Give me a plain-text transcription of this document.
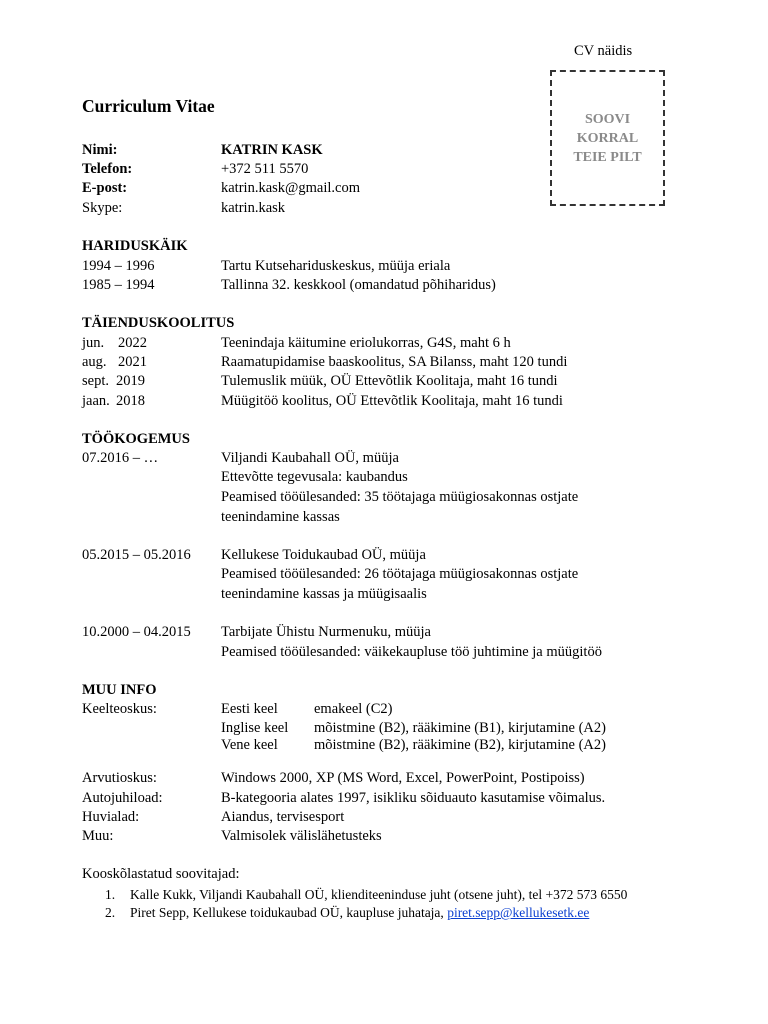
CV näidis
SOOVI
KORRAL
TEIE PILT
Curriculum Vitae
Nimi:	KATRIN KASK
Telefon:	+372 511 5570
E-post:	katrin.kask@gmail.com
Skype:	katrin.kask
HARIDUSKÄIK
1994 – 1996	Tartu Kutsehariduskeskus, müüja eriala
1985 – 1994	Tallinna 32. keskkool (omandatud põhiharidus)
TÄIENDUSKOOLITUS
jun. 2022	Teenindaja käitumine eriolukorras, G4S, maht 6 h
aug. 2021	Raamatupidamise baaskoolitus, SA Bilanss, maht 120 tundi
sept. 2019	Tulemuslik müük, OÜ Ettevõtlik Koolitaja, maht 16 tundi
jaan. 2018	Müügitöö koolitus, OÜ Ettevõtlik Koolitaja, maht 16 tundi
TÖÖKOGEMUS
07.2016 – …	Viljandi Kaubahall OÜ, müüja
Ettevõtte tegevusala: kaubandus
Peamised tööülesanded: 35 töötajaga müügiosakonnas ostjate
teenindamine kassas
05.2015 – 05.2016 Kellukese Toidukaubad OÜ, müüja
Peamised tööülesanded: 26 töötajaga müügiosakonnas ostjate
teenindamine kassas ja müügisaalis
10.2000 – 04.2015 Tarbijate Ühistu Nurmenuku, müüja
Peamised tööülesanded: väikekaupluse töö juhtimine ja müügitöö
MUU INFO
Keelteoskus:	Eesti keel emakeel (C2)
Inglise keel mõistmine (B2), rääkimine (B1), kirjutamine (A2)
Vene keel mõistmine (B2), rääkimine (B2), kirjutamine (A2)
Arvutioskus:	Windows 2000, XP (MS Word, Excel, PowerPoint, Postipoiss)
Autojuhiload:	B-kategooria alates 1997, isikliku sõiduauto kasutamise võimalus.
Huvialad:	Aiandus, tervisesport
Muu:	Valmisolek välislähetusteks
Kooskõlastatud soovitajad:
1. Kalle Kukk, Viljandi Kaubahall OÜ, klienditeeninduse juht (otsene juht), tel +372 573 6550
2. Piret Sepp, Kellukese toidukaubad OÜ, kaupluse juhataja, piret.sepp@kellukesetk.ee
